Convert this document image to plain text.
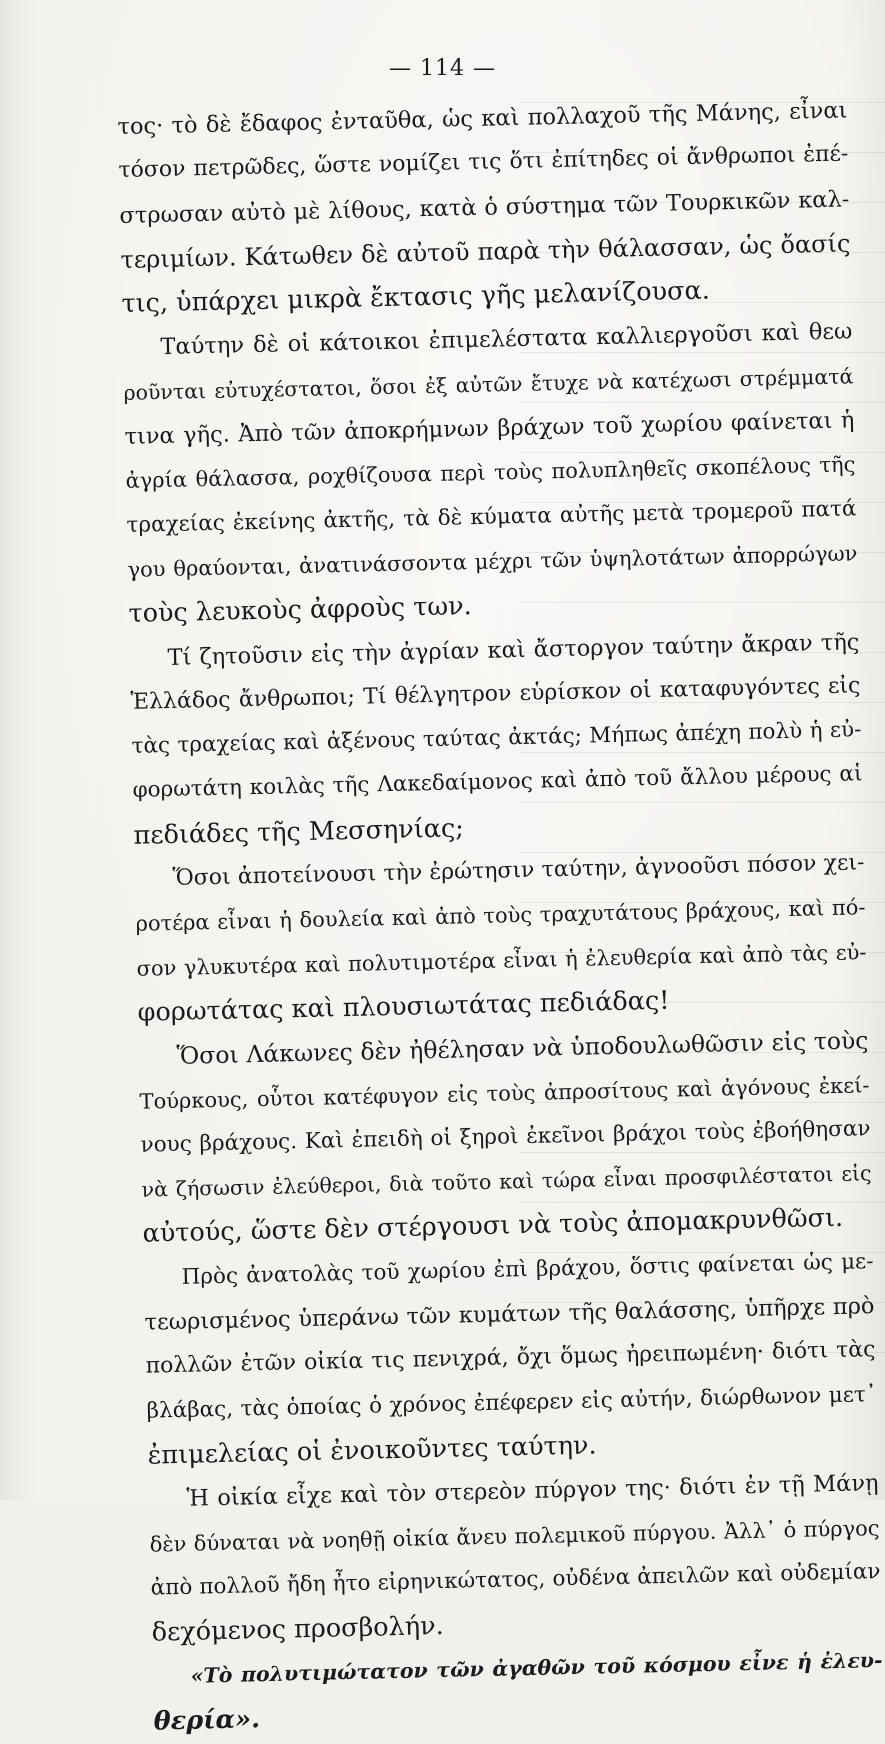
— 114 —
τος· τὸ δὲ ἔδαφος ἐνταῦθα, ὡς καὶ πολλαχοῦ τῆς Μάνης, εἶναι
τόσον πετρῶδες, ὥστε νομίζει τις ὅτι ἐπίτηδες οἱ ἄνθρωποι ἐπέ-
στρωσαν αὐτὸ μὲ λίθους, κατὰ ὁ σύστημα τῶν Τουρκικῶν καλ-
τεριμίων. Κάτωθεν δὲ αὐτοῦ παρὰ τὴν θάλασσαν, ὡς ὄασίς
τις, ὑπάρχει μικρὰ ἔκτασις γῆς μελανίζουσα.
Ταύτην δὲ οἱ κάτοικοι ἐπιμελέστατα καλλιεργοῦσι καὶ θεω
ροῦνται εὐτυχέστατοι, ὅσοι ἐξ αὐτῶν ἔτυχε νὰ κατέχωσι στρέμματά
τινα γῆς. Ἀπὸ τῶν ἀποκρήμνων βράχων τοῦ χωρίου φαίνεται ἡ
ἀγρία θάλασσα, ροχθίζουσα περὶ τοὺς πολυπληθεῖς σκοπέλους τῆς
τραχείας ἐκείνης ἀκτῆς, τὰ δὲ κύματα αὐτῆς μετὰ τρομεροῦ πατά
γου θραύονται, ἀνατινάσσοντα μέχρι τῶν ὑψηλοτάτων ἀπορρώγων
τοὺς λευκοὺς ἀφροὺς των.
Τί ζητοῦσιν εἰς τὴν ἀγρίαν καὶ ἄστοργον ταύτην ἄκραν τῆς
Ἑλλάδος ἄνθρωποι; Τί θέλγητρον εὑρίσκον οἱ καταφυγόντες εἰς
τὰς τραχείας καὶ ἀξένους ταύτας ἀκτάς; Μήπως ἀπέχη πολὺ ἡ εὐ-
φορωτάτη κοιλὰς τῆς Λακεδαίμονος καὶ ἀπὸ τοῦ ἄλλου μέρους αἱ
πεδιάδες τῆς Μεσσηνίας;
Ὅσοι ἀποτείνουσι τὴν ἐρώτησιν ταύτην, ἀγνοοῦσι πόσον χει-
ροτέρα εἶναι ἡ δουλεία καὶ ἀπὸ τοὺς τραχυτάτους βράχους, καὶ πό-
σον γλυκυτέρα καὶ πολυτιμοτέρα εἶναι ἡ ἐλευθερία καὶ ἀπὸ τὰς εὐ-
φορωτάτας καὶ πλουσιωτάτας πεδιάδας!
Ὅσοι Λάκωνες δὲν ἠθέλησαν νὰ ὑποδουλωθῶσιν εἰς τοὺς
Τούρκους, οὗτοι κατέφυγον εἰς τοὺς ἀπροσίτους καὶ ἀγόνους ἐκεί-
νους βράχους. Καὶ ἐπειδὴ οἱ ξηροὶ ἐκεῖνοι βράχοι τοὺς ἐβοήθησαν
νὰ ζήσωσιν ἐλεύθεροι, διὰ τοῦτο καὶ τώρα εἶναι προσφιλέστατοι εἰς
αὐτούς, ὥστε δὲν στέργουσι νὰ τοὺς ἀπομακρυνθῶσι.
Πρὸς ἀνατολὰς τοῦ χωρίου ἐπὶ βράχου, ὅστις φαίνεται ὡς με-
τεωρισμένος ὑπεράνω τῶν κυμάτων τῆς θαλάσσης, ὑπῆρχε πρὸ
πολλῶν ἐτῶν οἰκία τις πενιχρά, ὄχι ὅμως ἠρειπωμένη· διότι τὰς
βλάβας, τὰς ὁποίας ὁ χρόνος ἐπέφερεν εἰς αὐτήν, διώρθωνον μετ᾽
ἐπιμελείας οἱ ἐνοικοῦντες ταύτην.
Ἡ οἰκία εἶχε καὶ τὸν στερεὸν πύργον της· διότι ἐν τῇ Μάνῃ
δὲν δύναται νὰ νοηθῇ οἰκία ἄνευ πολεμικοῦ πύργου. Ἀλλ᾽ ὁ πύργος
ἀπὸ πολλοῦ ἤδη ἦτο εἰρηνικώτατος, οὐδένα ἀπειλῶν καὶ οὐδεμίαν
δεχόμενος προσβολήν.
«Τὸ πολυτιμώτατον τῶν ἀγαθῶν τοῦ κόσμου εἶνε ἡ ἐλευ-
θερία».
